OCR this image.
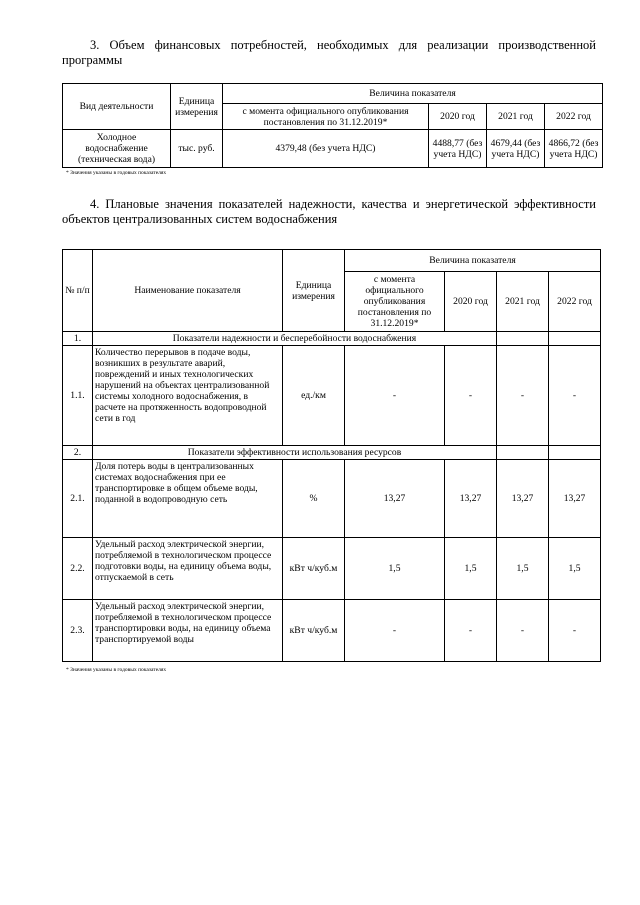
3. Объем финансовых потребностей, необходимых для реализации производственной программы

Вид деятельности	Единица измерения	Величина показателя			
		с момента официального опубликования постановления по 31.12.2019*	2020 год	2021 год	2022 год
Холодное водоснабжение (техническая вода)	тыс. руб.	4379,48 (без учета НДС)	4488,77 (без учета НДС)	4679,44 (без учета НДС)	4866,72 (без учета НДС)

* Значения указаны в годовых показателях

4. Плановые значения показателей надежности, качества и энергетической эффективности объектов централизованных систем водоснабжения

№ п/п	Наименование показателя	Единица измерения	Величина показателя			
			с момента официального опубликования постановления по 31.12.2019*	2020 год	2021 год	2022 год
1.	Показатели надежности и бесперебойности водоснабжения					
1.1.	Количество перерывов в подаче воды, возникших в результате аварий, повреждений и иных технологических нарушений на объектах централизованной системы холодного водоснабжения, в расчете на протяженность водопроводной сети в год	ед./км	-	-	-	-
2.	Показатели эффективности использования ресурсов					
2.1.	Доля потерь воды в централизованных системах водоснабжения при ее транспортировке в общем объеме воды, поданной в водопроводную сеть	%	13,27	13,27	13,27	13,27
2.2.	Удельный расход электрической энергии, потребляемой в технологическом процессе подготовки воды, на единицу объема воды, отпускаемой в сеть	кВт ч/куб.м	1,5	1,5	1,5	1,5
2.3.	Удельный расход электрической энергии, потребляемой в технологическом процессе транспортировки воды, на единицу объема транспортируемой воды	кВт ч/куб.м	-	-	-	-

* Значения указаны в годовых показателях
